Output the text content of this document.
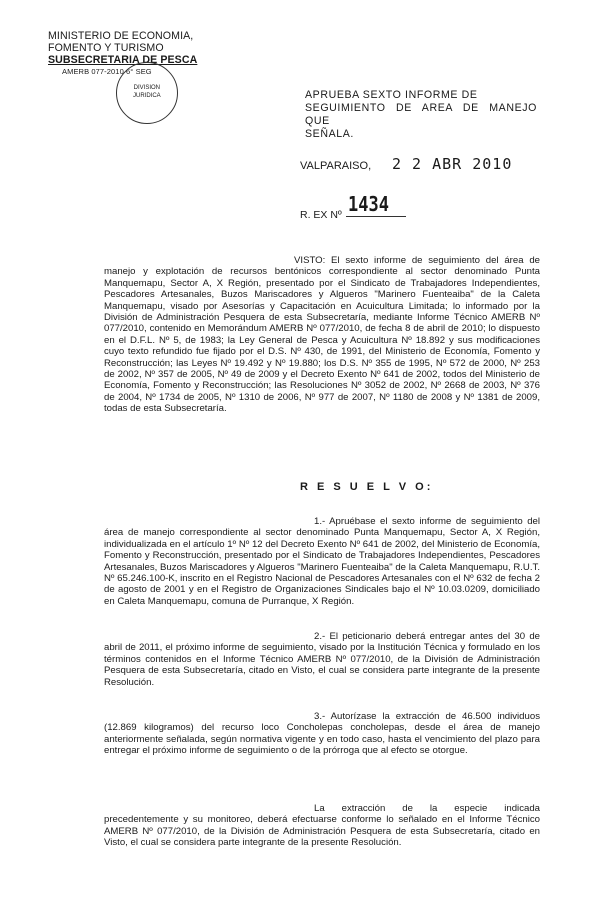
MINISTERIO DE ECONOMIA,
FOMENTO Y TURISMO
SUBSECRETARIA DE PESCA
AMERB 077-2010 6° SEG
DIVISION
JURIDICA	APRUEBA SEXTO INFORME DE
SEGUIMIENTO DE AREA DE MANEJO QUE
SEÑALA.
VALPARAISO, 2 2 ABR 2010
R. EX Nº 1434
VISTO: El sexto informe de seguimiento del área de manejo y explotación de recursos bentónicos correspondiente al sector denominado Punta Manquemapu, Sector A, X Región, presentado por el Sindicato de Trabajadores Independientes, Pescadores Artesanales, Buzos Mariscadores y Algueros "Marinero Fuenteaiba" de la Caleta Manquemapu, visado por Asesorías y Capacitación en Acuicultura Limitada; lo informado por la División de Administración Pesquera de esta Subsecretaría, mediante Informe Técnico AMERB Nº 077/2010, contenido en Memorándum AMERB Nº 077/2010, de fecha 8 de abril de 2010; lo dispuesto en el D.F.L. Nº 5, de 1983; la Ley General de Pesca y Acuicultura Nº 18.892 y sus modificaciones cuyo texto refundido fue fijado por el D.S. Nº 430, de 1991, del Ministerio de Economía, Fomento y Reconstrucción; las Leyes Nº 19.492 y Nº 19.880; los D.S. Nº 355 de 1995, Nº 572 de 2000, Nº 253 de 2002, Nº 357 de 2005, Nº 49 de 2009 y el Decreto Exento Nº 641 de 2002, todos del Ministerio de Economía, Fomento y Reconstrucción; las Resoluciones Nº 3052 de 2002, Nº 2668 de 2003, Nº 376 de 2004, Nº 1734 de 2005, Nº 1310 de 2006, Nº 977 de 2007, Nº 1180 de 2008 y Nº 1381 de 2009, todas de esta Subsecretaría.
R E S U E L V O:
1.- Apruébase el sexto informe de seguimiento del área de manejo correspondiente al sector denominado Punta Manquemapu, Sector A, X Región, individualizada en el artículo 1º Nº 12 del Decreto Exento Nº 641 de 2002, del Ministerio de Economía, Fomento y Reconstrucción, presentado por el Sindicato de Trabajadores Independientes, Pescadores Artesanales, Buzos Mariscadores y Algueros "Marinero Fuenteaiba" de la Caleta Manquemapu, R.U.T. Nº 65.246.100-K, inscrito en el Registro Nacional de Pescadores Artesanales con el Nº 632 de fecha 2 de agosto de 2001 y en el Registro de Organizaciones Sindicales bajo el Nº 10.03.0209, domiciliado en Caleta Manquemapu, comuna de Purranque, X Región.
2.- El peticionario deberá entregar antes del 30 de abril de 2011, el próximo informe de seguimiento, visado por la Institución Técnica y formulado en los términos contenidos en el Informe Técnico AMERB Nº 077/2010, de la División de Administración Pesquera de esta Subsecretaría, citado en Visto, el cual se considera parte integrante de la presente Resolución.
3.- Autorízase la extracción de 46.500 individuos (12.869 kilogramos) del recurso loco Concholepas concholepas, desde el área de manejo anteriormente señalada, según normativa vigente y en todo caso, hasta el vencimiento del plazo para entregar el próximo informe de seguimiento o de la prórroga que al efecto se otorgue.
La extracción de la especie indicada precedentemente y su monitoreo, deberá efectuarse conforme lo señalado en el Informe Técnico AMERB Nº 077/2010, de la División de Administración Pesquera de esta Subsecretaría, citado en Visto, el cual se considera parte integrante de la presente Resolución.
